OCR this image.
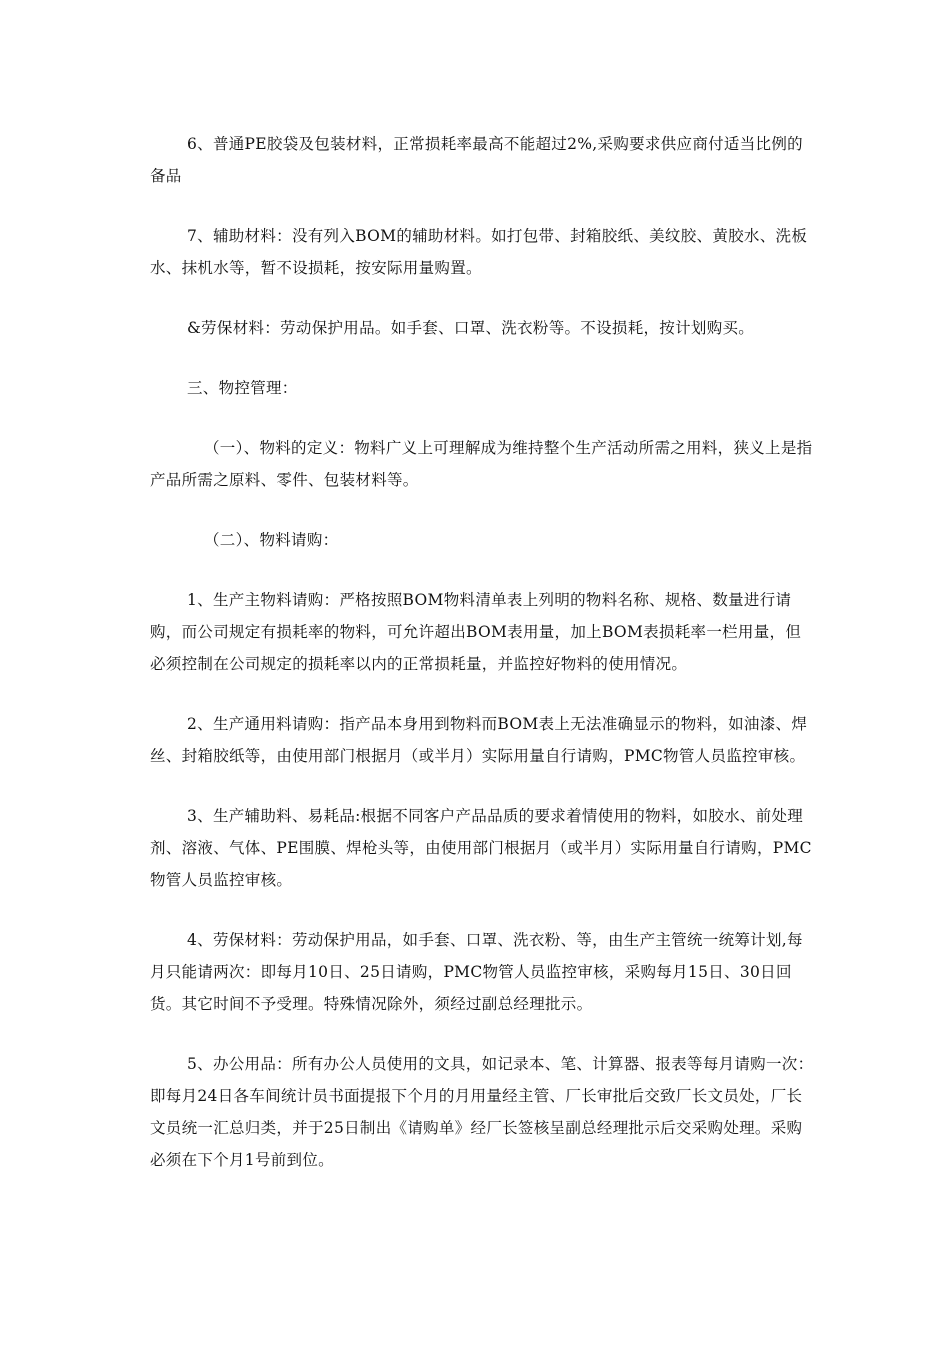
6、普通PE胶袋及包装材料，正常损耗率最高不能超过2%,采购要求供应商付适当比例的备品

7、辅助材料：没有列入BOM的辅助材料。如打包带、封箱胶纸、美纹胶、黄胶水、洗板水、抹机水等，暂不设损耗，按安际用量购置。

&劳保材料：劳动保护用品。如手套、口罩、洗衣粉等。不设损耗，按计划购买。

三、物控管理：

（一）、物料的定义：物料广义上可理解成为维持整个生产活动所需之用料，狭义上是指产品所需之原料、零件、包装材料等。

（二）、物料请购：

1、生产主物料请购：严格按照BOM物料清单表上列明的物料名称、规格、数量进行请购，而公司规定有损耗率的物料，可允许超出BOM表用量，加上BOM表损耗率一栏用量，但必须控制在公司规定的损耗率以内的正常损耗量，并监控好物料的使用情况。

2、生产通用料请购：指产品本身用到物料而BOM表上无法准确显示的物料，如油漆、焊丝、封箱胶纸等，由使用部门根据月（或半月）实际用量自行请购，PMC物管人员监控审核。

3、生产辅助料、易耗品:根据不同客户产品品质的要求着情使用的物料，如胶水、前处理剂、溶液、气体、PE围膜、焊枪头等，由使用部门根据月（或半月）实际用量自行请购，PMC物管人员监控审核。

4、劳保材料：劳动保护用品，如手套、口罩、洗衣粉、等，由生产主管统一统筹计划,每月只能请两次：即每月10日、25日请购，PMC物管人员监控审核，采购每月15日、30日回货。其它时间不予受理。特殊情况除外，须经过副总经理批示。

5、办公用品：所有办公人员使用的文具，如记录本、笔、计算器、报表等每月请购一次：即每月24日各车间统计员书面提报下个月的月用量经主管、厂长审批后交致厂长文员处，厂长文员统一汇总归类，并于25日制出《请购单》经厂长签核呈副总经理批示后交采购处理。采购必须在下个月1号前到位。
